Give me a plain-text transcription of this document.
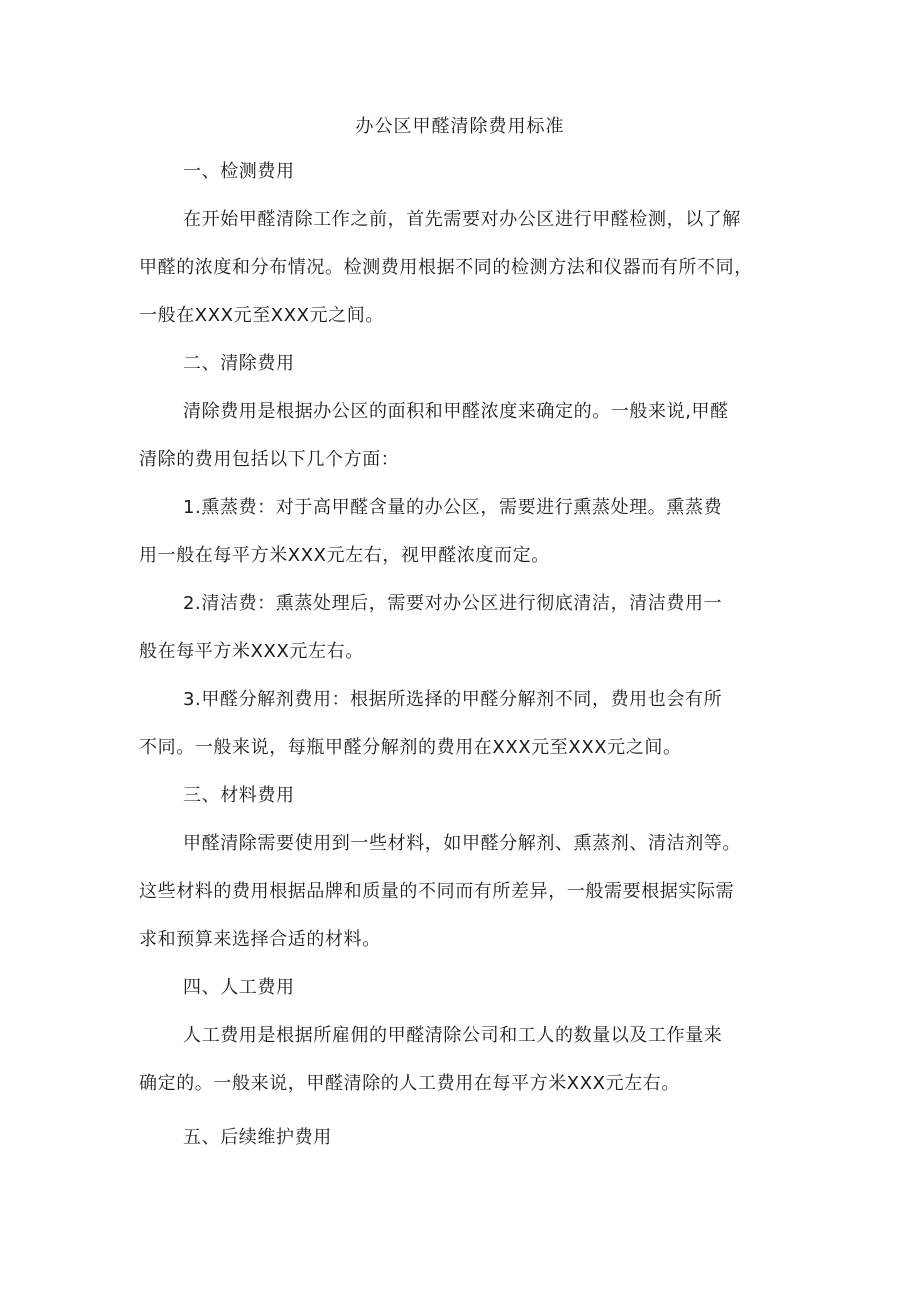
办公区甲醛清除费用标准
一、检测费用
在开始甲醛清除工作之前，首先需要对办公区进行甲醛检测，以了解
甲醛的浓度和分布情况。检测费用根据不同的检测方法和仪器而有所不同，
一般在XXX元至XXX元之间。
二、清除费用
清除费用是根据办公区的面积和甲醛浓度来确定的。一般来说,甲醛
清除的费用包括以下几个方面：
1.熏蒸费：对于高甲醛含量的办公区，需要进行熏蒸处理。熏蒸费
用一般在每平方米XXX元左右，视甲醛浓度而定。
2.清洁费：熏蒸处理后，需要对办公区进行彻底清洁，清洁费用一
般在每平方米XXX元左右。
3.甲醛分解剂费用：根据所选择的甲醛分解剂不同，费用也会有所
不同。一般来说，每瓶甲醛分解剂的费用在XXX元至XXX元之间。
三、材料费用
甲醛清除需要使用到一些材料，如甲醛分解剂、熏蒸剂、清洁剂等。
这些材料的费用根据品牌和质量的不同而有所差异，一般需要根据实际需
求和预算来选择合适的材料。
四、人工费用
人工费用是根据所雇佣的甲醛清除公司和工人的数量以及工作量来
确定的。一般来说，甲醛清除的人工费用在每平方米XXX元左右。
五、后续维护费用
